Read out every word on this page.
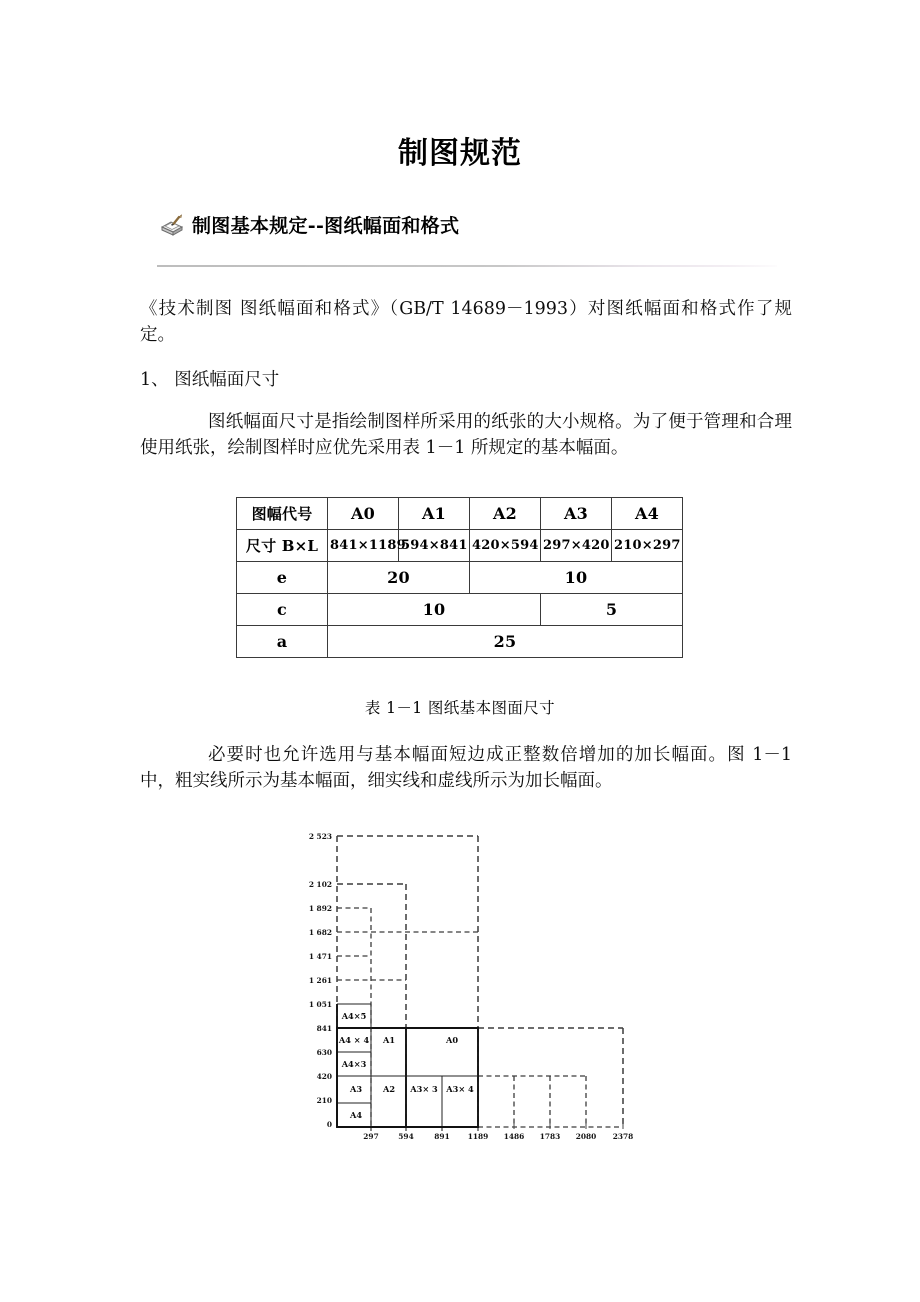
制图规范
制图基本规定--图纸幅面和格式
《技术制图 图纸幅面和格式》（GB/T 14689－1993）对图纸幅面和格式作了规定。
1、 图纸幅面尺寸
图纸幅面尺寸是指绘制图样所采用的纸张的大小规格。为了便于管理和合理使用纸张，绘制图样时应优先采用表 1－1 所规定的基本幅面。
图幅代号	A0	A1	A2	A3	A4
尺寸 B×L	841×1189	594×841	420×594	297×420	210×297
e	20		10		
c	10			5	
a	25				
表 1－1 图纸基本图面尺寸
必要时也允许选用与基本幅面短边成正整数倍增加的加长幅面。图 1－1 中，粗实线所示为基本幅面，细实线和虚线所示为加长幅面。
2 523
2 102
1 892
1 682
1 471
1 261
1 051
841
630
420
210
0
297	594	891 1189 1486 1783 2080 2378
A4×5
A4 × 4
A4×3
A3
A4
A1	A0
A2 A3× 3 A3× 4
